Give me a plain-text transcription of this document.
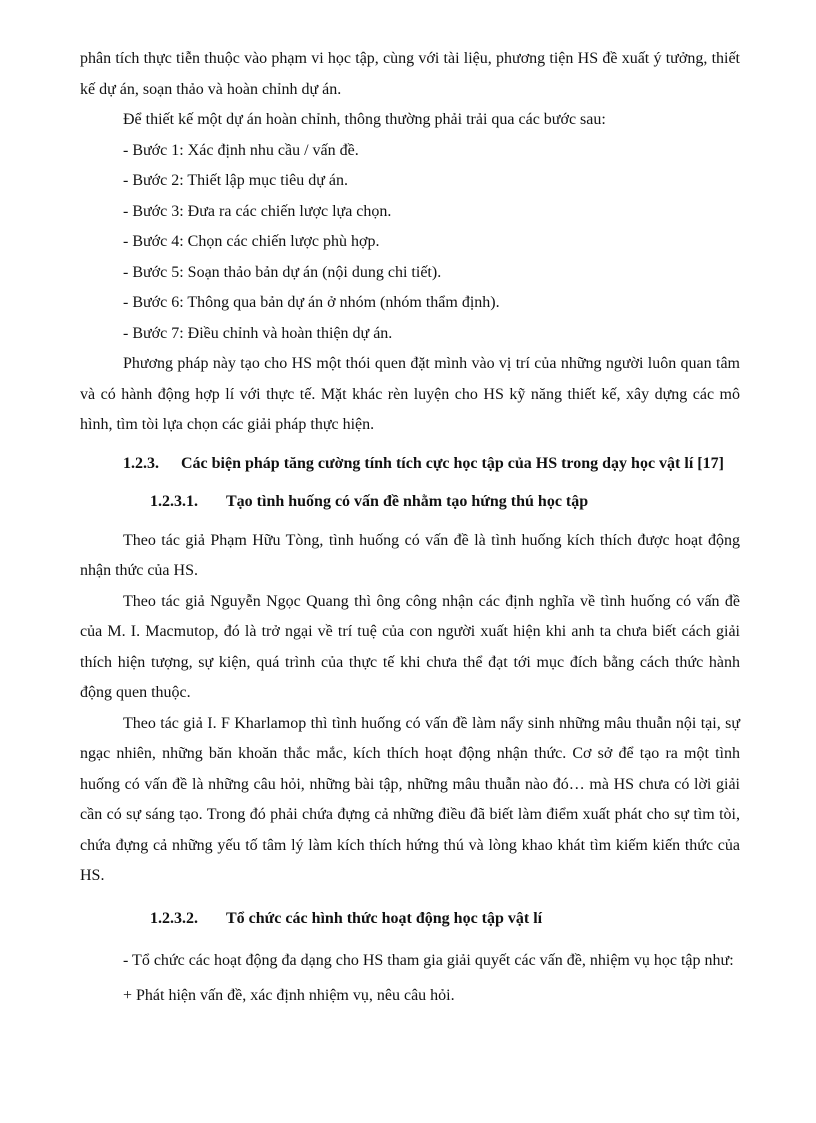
phân tích thực tiễn thuộc vào phạm vi học tập, cùng với tài liệu, phương tiện HS đề xuất ý tưởng, thiết kế dự án, soạn thảo và hoàn chỉnh dự án.

Để thiết kế một dự án hoàn chỉnh, thông thường phải trải qua các bước sau:

- Bước 1: Xác định nhu cầu / vấn đề.

- Bước 2: Thiết lập mục tiêu dự án.

- Bước 3: Đưa ra các chiến lược lựa chọn.

- Bước 4: Chọn các chiến lược phù hợp.

- Bước 5: Soạn thảo bản dự án (nội dung chi tiết).

- Bước 6: Thông qua bản dự án ở nhóm (nhóm thẩm định).

- Bước 7: Điều chỉnh và hoàn thiện dự án.

Phương pháp này tạo cho HS một thói quen đặt mình vào vị trí của những người luôn quan tâm và có hành động hợp lí với thực tế. Mặt khác rèn luyện cho HS kỹ năng thiết kế, xây dựng các mô hình, tìm tòi lựa chọn các giải pháp thực hiện.

1.2.3. Các biện pháp tăng cường tính tích cực học tập của HS trong dạy học vật lí [17]

1.2.3.1. Tạo tình huống có vấn đề nhằm tạo hứng thú học tập

Theo tác giả Phạm Hữu Tòng, tình huống có vấn đề là tình huống kích thích được hoạt động nhận thức của HS.

Theo tác giả Nguyễn Ngọc Quang thì ông công nhận các định nghĩa về tình huống có vấn đề của M. I. Macmutop, đó là trở ngại về trí tuệ của con người xuất hiện khi anh ta chưa biết cách giải thích hiện tượng, sự kiện, quá trình của thực tế khi chưa thể đạt tới mục đích bằng cách thức hành động quen thuộc.

Theo tác giả I. F Kharlamop thì tình huống có vấn đề làm nẩy sinh những mâu thuẫn nội tại, sự ngạc nhiên, những băn khoăn thắc mắc, kích thích hoạt động nhận thức. Cơ sở để tạo ra một tình huống có vấn đề là những câu hỏi, những bài tập, những mâu thuẫn nào đó… mà HS chưa có lời giải cần có sự sáng tạo. Trong đó phải chứa đựng cả những điều đã biết làm điểm xuất phát cho sự tìm tòi, chứa đựng cả những yếu tố tâm lý làm kích thích hứng thú và lòng khao khát tìm kiếm kiến thức của HS.

1.2.3.2. Tổ chức các hình thức hoạt động học tập vật lí

- Tổ chức các hoạt động đa dạng cho HS tham gia giải quyết các vấn đề, nhiệm vụ học tập như:

+ Phát hiện vấn đề, xác định nhiệm vụ, nêu câu hỏi.
